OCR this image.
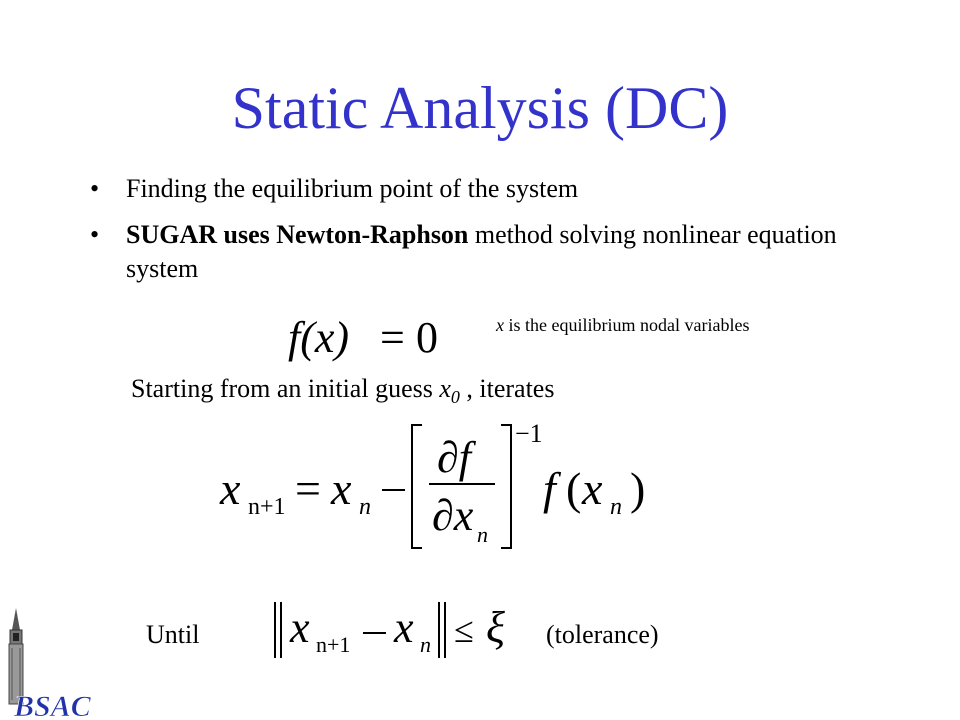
Static Analysis (DC)
• Finding the equilibrium point of the system
• SUGAR uses Newton-Raphson method solving nonlinear equation system
f(x) = 0	x is the equilibrium nodal variables
Starting from an initial guess $x_0$ , iterates
x n+1 = x n
∂f
∂x n
−1
f ( x n )
Until x n+1 x n ≤ ξ (tolerance)
BSAC
